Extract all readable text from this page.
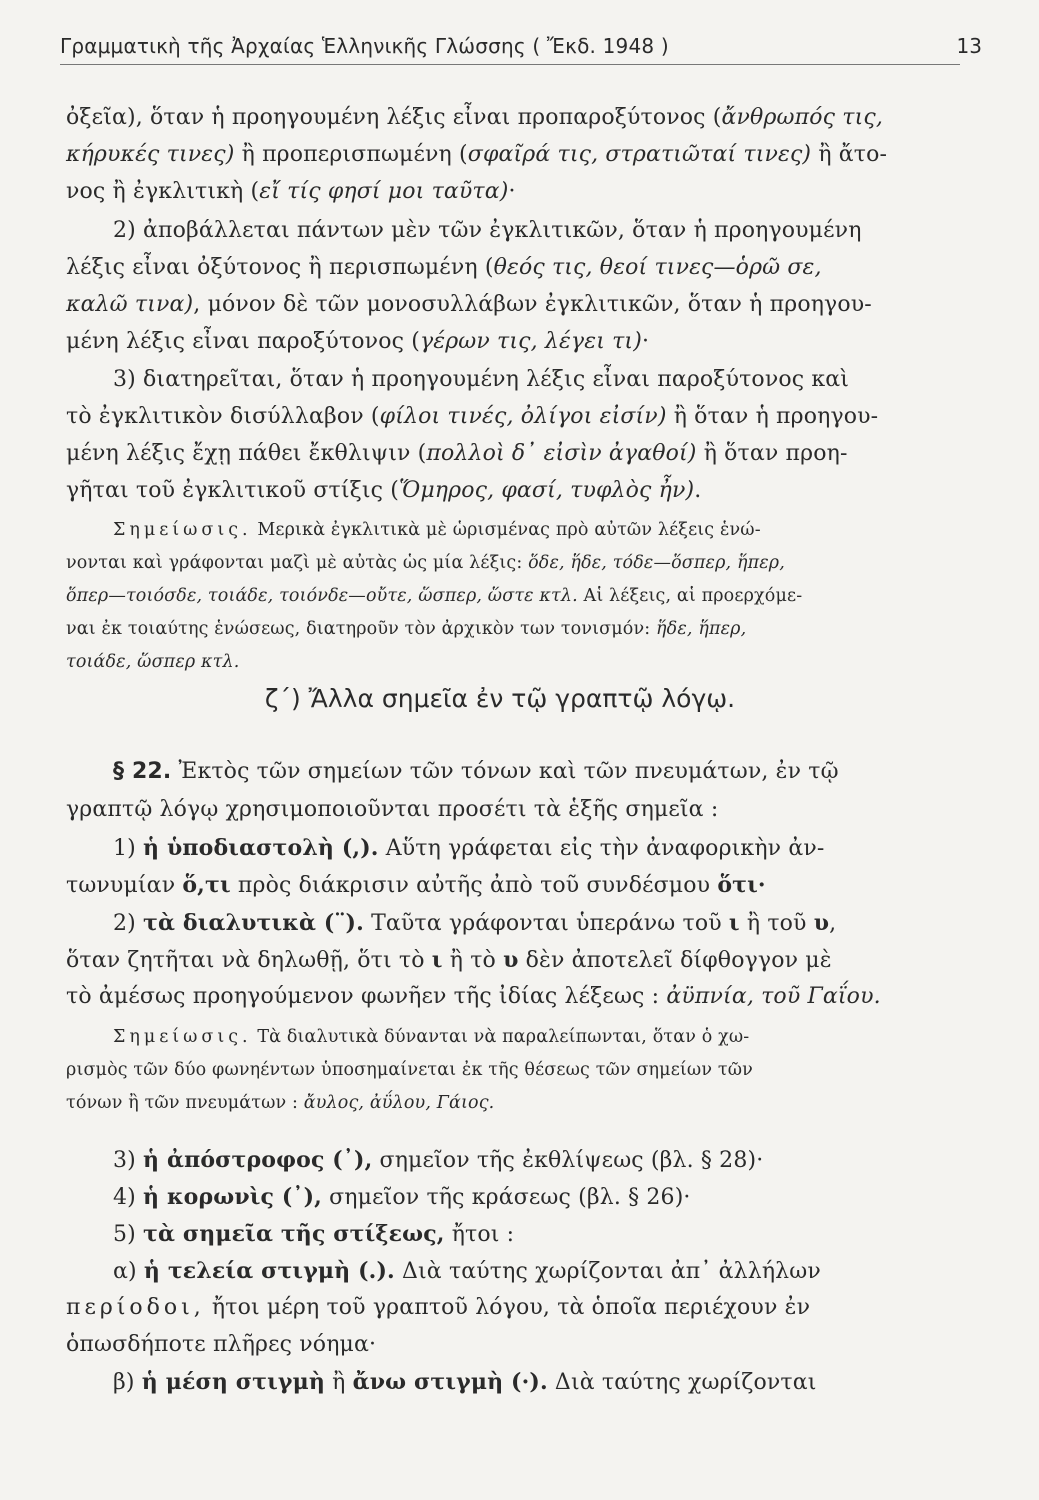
Γραμματικὴ τῆς Ἀρχαίας Ἑλληνικῆς Γλώσσης ( Ἔκδ. 1948 )	13
ὀξεῖα), ὅταν ἡ προηγουμένη λέξις εἶναι προπαροξύτονος (ἄνθρωπός τις,
κήρυκές τινες) ἢ προπερισπωμένη (σφαῖρά τις, στρατιῶταί τινες) ἢ ἄτο-
νος ἢ ἐγκλιτικὴ (εἴ τίς φησί μοι ταῦτα)·
2) ἀποβάλλεται πάντων μὲν τῶν ἐγκλιτικῶν, ὅταν ἡ προηγουμένη
λέξις εἶναι ὀξύτονος ἢ περισπωμένη (θεός τις, θεοί τινες—ὁρῶ σε,
καλῶ τινα), μόνον δὲ τῶν μονοσυλλάβων ἐγκλιτικῶν, ὅταν ἡ προηγου-
μένη λέξις εἶναι παροξύτονος (γέρων τις, λέγει τι)·
3) διατηρεῖται, ὅταν ἡ προηγουμένη λέξις εἶναι παροξύτονος καὶ
τὸ ἐγκλιτικὸν δισύλλαβον (φίλοι τινές, ὀλίγοι εἰσίν) ἢ ὅταν ἡ προηγου-
μένη λέξις ἔχῃ πάθει ἔκθλιψιν (πολλοὶ δ᾽ εἰσὶν ἀγαθοί) ἢ ὅταν προη-
γῆται τοῦ ἐγκλιτικοῦ στίξις (Ὅμηρος, φασί, τυφλὸς ἦν).
Σημείωσις. Μερικὰ ἐγκλιτικὰ μὲ ὡρισμένας πρὸ αὐτῶν λέξεις ἑνώ-
νονται καὶ γράφονται μαζὶ μὲ αὐτὰς ὡς μία λέξις: ὅδε, ἥδε, τόδε—ὅσπερ, ἥπερ,
ὅπερ—τοιόσδε, τοιάδε, τοιόνδε—οὔτε, ὥσπερ, ὥστε κτλ. Αἱ λέξεις, αἱ προερχόμε-
ναι ἐκ τοιαύτης ἑνώσεως, διατηροῦν τὸν ἀρχικὸν των τονισμόν: ἥδε, ἥπερ,
τοιάδε, ὥσπερ κτλ.
ζ΄) Ἄλλα σημεῖα ἐν τῷ γραπτῷ λόγῳ.
§ 22. Ἐκτὸς τῶν σημείων τῶν τόνων καὶ τῶν πνευμάτων, ἐν τῷ
γραπτῷ λόγῳ χρησιμοποιοῦνται προσέτι τὰ ἑξῆς σημεῖα :
1) ἡ ὑποδιαστολὴ (,). Αὕτη γράφεται εἰς τὴν ἀναφορικὴν ἀν-
τωνυμίαν ὅ,τι πρὸς διάκρισιν αὐτῆς ἀπὸ τοῦ συνδέσμου ὅτι·
2) τὰ διαλυτικὰ (¨). Ταῦτα γράφονται ὑπεράνω τοῦ ι ἢ τοῦ υ,
ὅταν ζητῆται νὰ δηλωθῇ, ὅτι τὸ ι ἢ τὸ υ δὲν ἀποτελεῖ δίφθογγον μὲ
τὸ ἀμέσως προηγούμενον φωνῆεν τῆς ἰδίας λέξεως : ἀϋπνία, τοῦ Γαΐου.
Σημείωσις. Τὰ διαλυτικὰ δύνανται νὰ παραλείπωνται, ὅταν ὁ χω-
ρισμὸς τῶν δύο φωνηέντων ὑποσημαίνεται ἐκ τῆς θέσεως τῶν σημείων τῶν
τόνων ἢ τῶν πνευμάτων : ἄυλος, ἀΰλου, Γάιος.
3) ἡ ἀπόστροφος (᾽), σημεῖον τῆς ἐκθλίψεως (βλ. § 28)·
4) ἡ κορωνὶς (᾽), σημεῖον τῆς κράσεως (βλ. § 26)·
5) τὰ σημεῖα τῆς στίξεως, ἤτοι :
α) ἡ τελεία στιγμὴ (.). Διὰ ταύτης χωρίζονται ἀπ᾽ ἀλλήλων
περίοδοι, ἤτοι μέρη τοῦ γραπτοῦ λόγου, τὰ ὁποῖα περιέχουν ἐν
ὁπωσδήποτε πλῆρες νόημα·
β) ἡ μέση στιγμὴ ἢ ἄνω στιγμὴ (·). Διὰ ταύτης χωρίζονται
